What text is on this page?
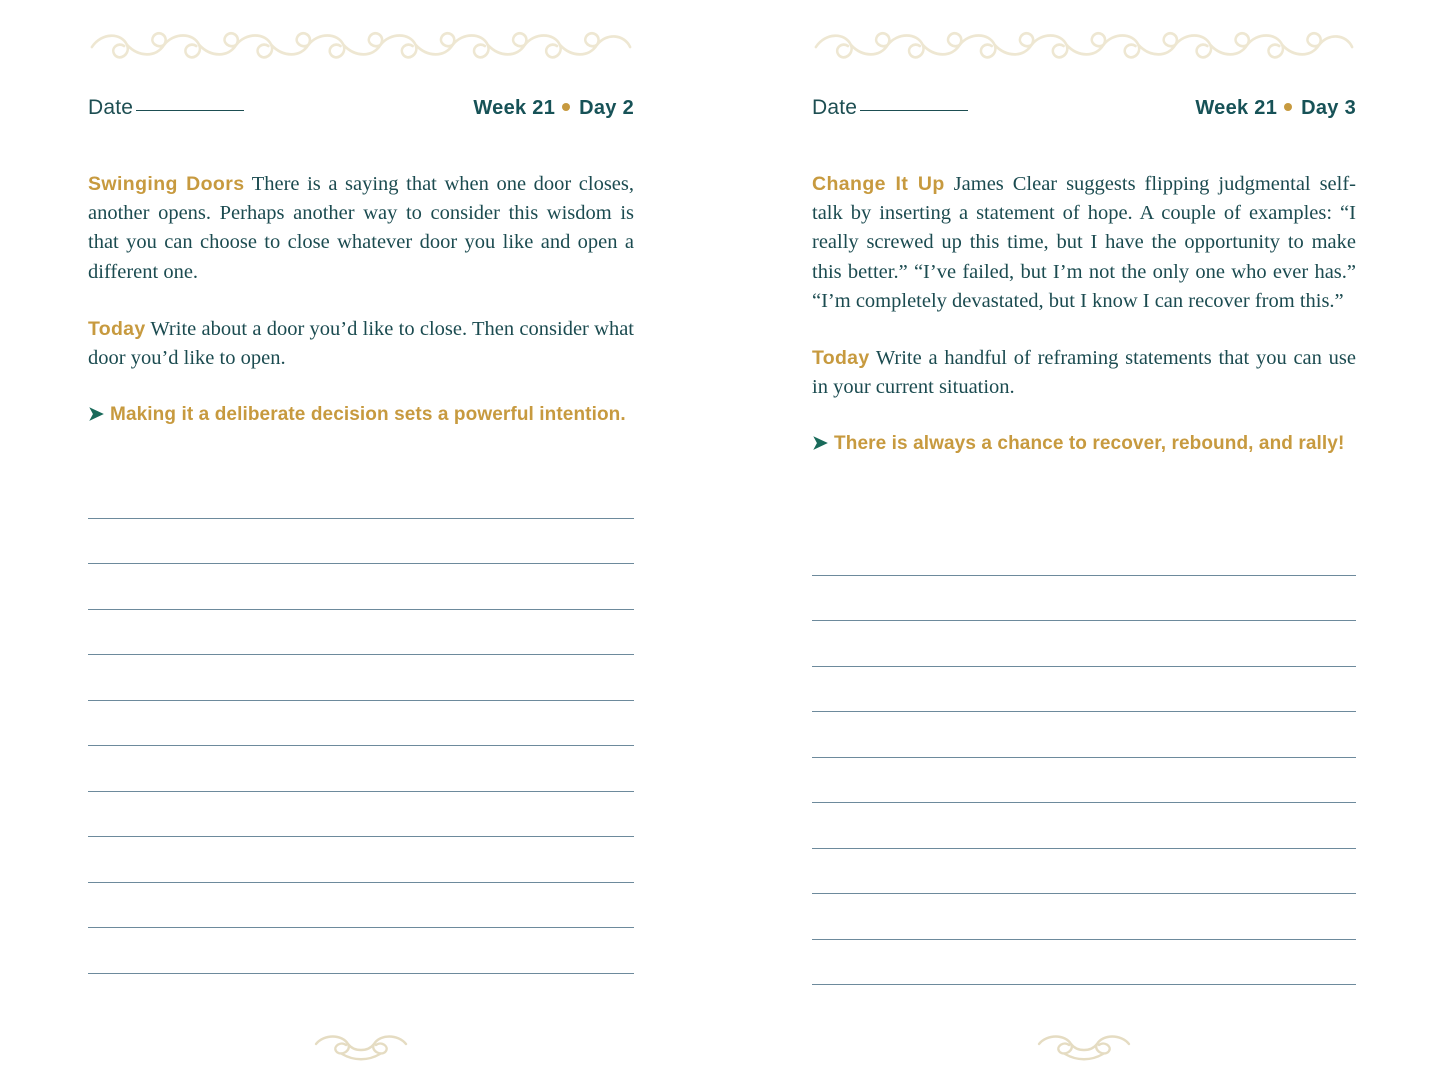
Date	Week 21 Day 2

Swinging Doors There is a saying that when one door closes, another opens. Perhaps another way to consider this wisdom is that you can choose to close whatever door you like and open a different one.

Today Write about a door you’d like to close. Then consider what door you’d like to open.

➤ Making it a deliberate decision sets a powerful intention.

Date	Week 21 Day 3

Change It Up James Clear suggests flipping judgmental self-talk by inserting a statement of hope. A couple of examples: “I really screwed up this time, but I have the opportunity to make this better.” “I’ve failed, but I’m not the only one who ever has.” “I’m completely devastated, but I know I can recover from this.”

Today Write a handful of reframing statements that you can use in your current situation.

➤ There is always a chance to recover, rebound, and rally!
